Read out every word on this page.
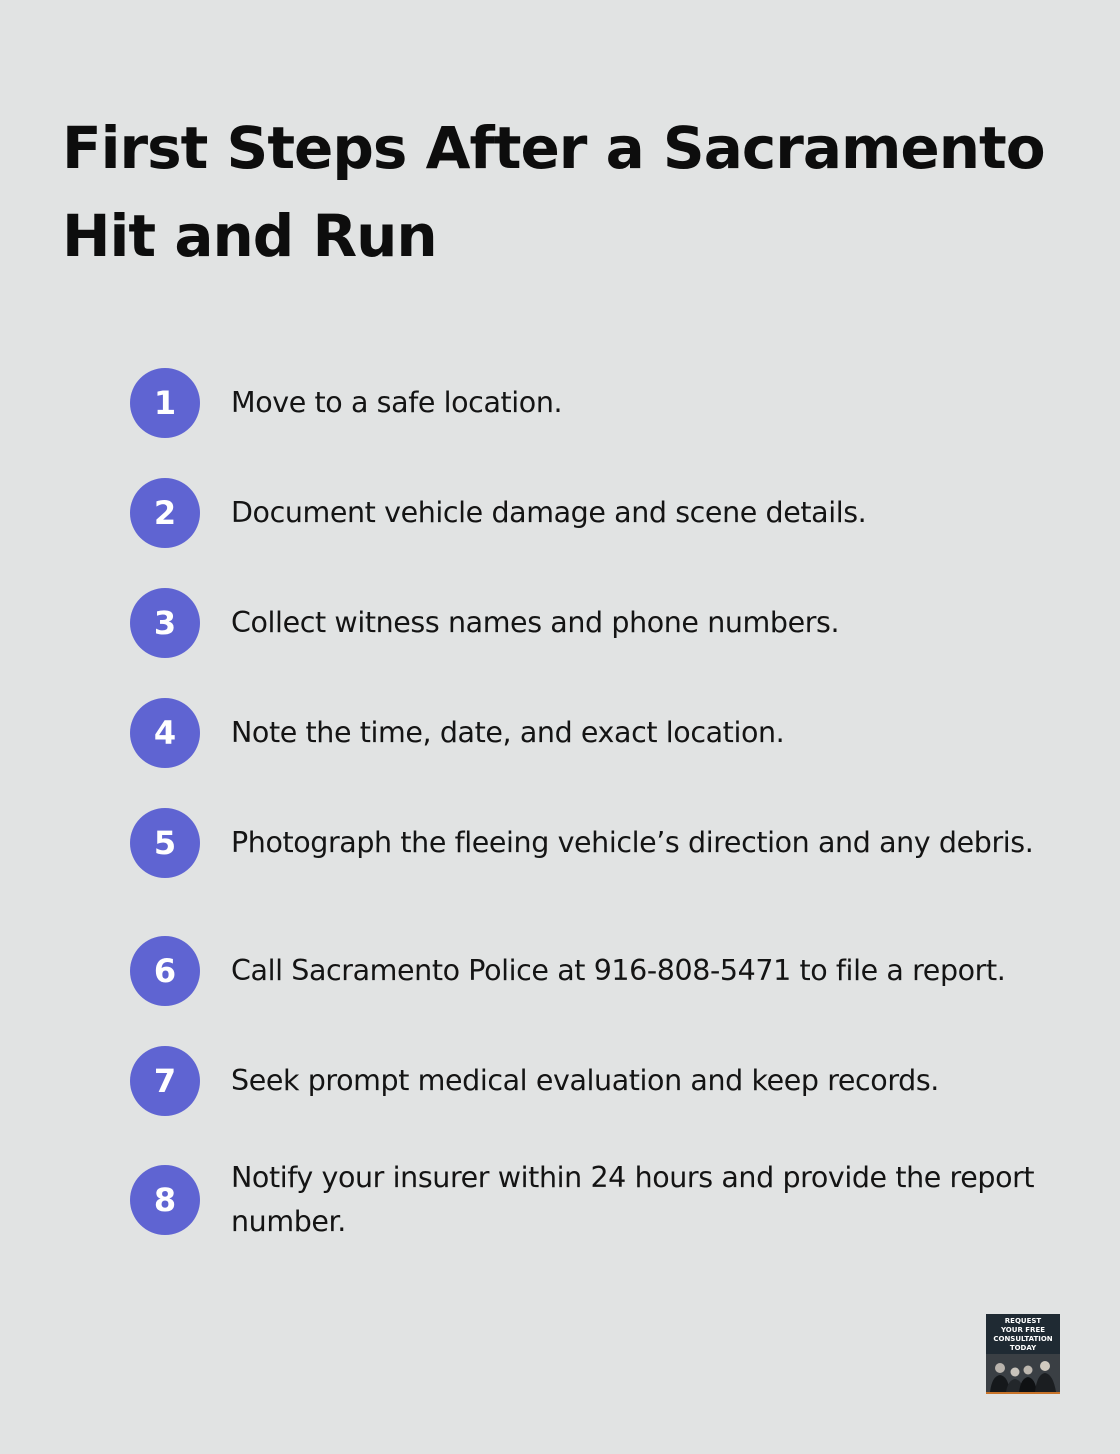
First Steps After a Sacramento Hit and Run
1	Move to a safe location.
2	Document vehicle damage and scene details.
3	Collect witness names and phone numbers.
4	Note the time, date, and exact location.
5	Photograph the fleeing vehicle’s direction and any debris.
6	Call Sacramento Police at 916-808-5471 to file a report.
7	Seek prompt medical evaluation and keep records.
8
Notify your insurer within 24 hours and provide the report number.
REQUEST
YOUR FREE
CONSULTATION
TODAY
